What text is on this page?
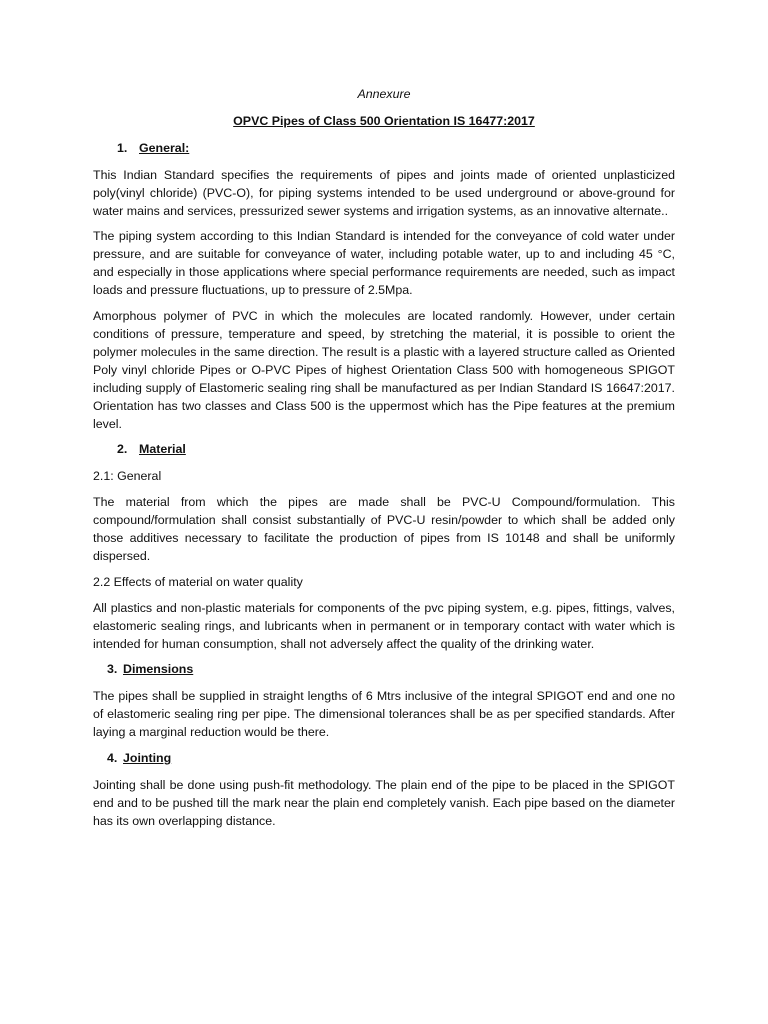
Annexure
OPVC Pipes of Class 500 Orientation IS 16477:2017
1. General:

This Indian Standard specifies the requirements of pipes and joints made of oriented unplasticized poly(vinyl chloride) (PVC-O), for piping systems intended to be used underground or above-ground for water mains and services, pressurized sewer systems and irrigation systems, as an innovative alternate..

The piping system according to this Indian Standard is intended for the conveyance of cold water under pressure, and are suitable for conveyance of water, including potable water, up to and including 45 °C, and especially in those applications where special performance requirements are needed, such as impact loads and pressure fluctuations, up to pressure of 2.5Mpa.

Amorphous polymer of PVC in which the molecules are located randomly. However, under certain conditions of pressure, temperature and speed, by stretching the material, it is possible to orient the polymer molecules in the same direction. The result is a plastic with a layered structure called as Oriented Poly vinyl chloride Pipes or O-PVC Pipes of highest Orientation Class 500 with homogeneous SPIGOT including supply of Elastomeric sealing ring shall be manufactured as per Indian Standard IS 16647:2017. Orientation has two classes and Class 500 is the uppermost which has the Pipe features at the premium level.

2. Material
2.1: General

The material from which the pipes are made shall be PVC-U Compound/formulation. This compound/formulation shall consist substantially of PVC-U resin/powder to which shall be added only those additives necessary to facilitate the production of pipes from IS 10148 and shall be uniformly dispersed.

2.2 Effects of material on water quality

All plastics and non-plastic materials for components of the pvc piping system, e.g. pipes, fittings, valves, elastomeric sealing rings, and lubricants when in permanent or in temporary contact with water which is intended for human consumption, shall not adversely affect the quality of the drinking water.

3. Dimensions

The pipes shall be supplied in straight lengths of 6 Mtrs inclusive of the integral SPIGOT end and one no of elastomeric sealing ring per pipe. The dimensional tolerances shall be as per specified standards. After laying a marginal reduction would be there.

4. Jointing

Jointing shall be done using push-fit methodology. The plain end of the pipe to be placed in the SPIGOT end and to be pushed till the mark near the plain end completely vanish. Each pipe based on the diameter has its own overlapping distance.
